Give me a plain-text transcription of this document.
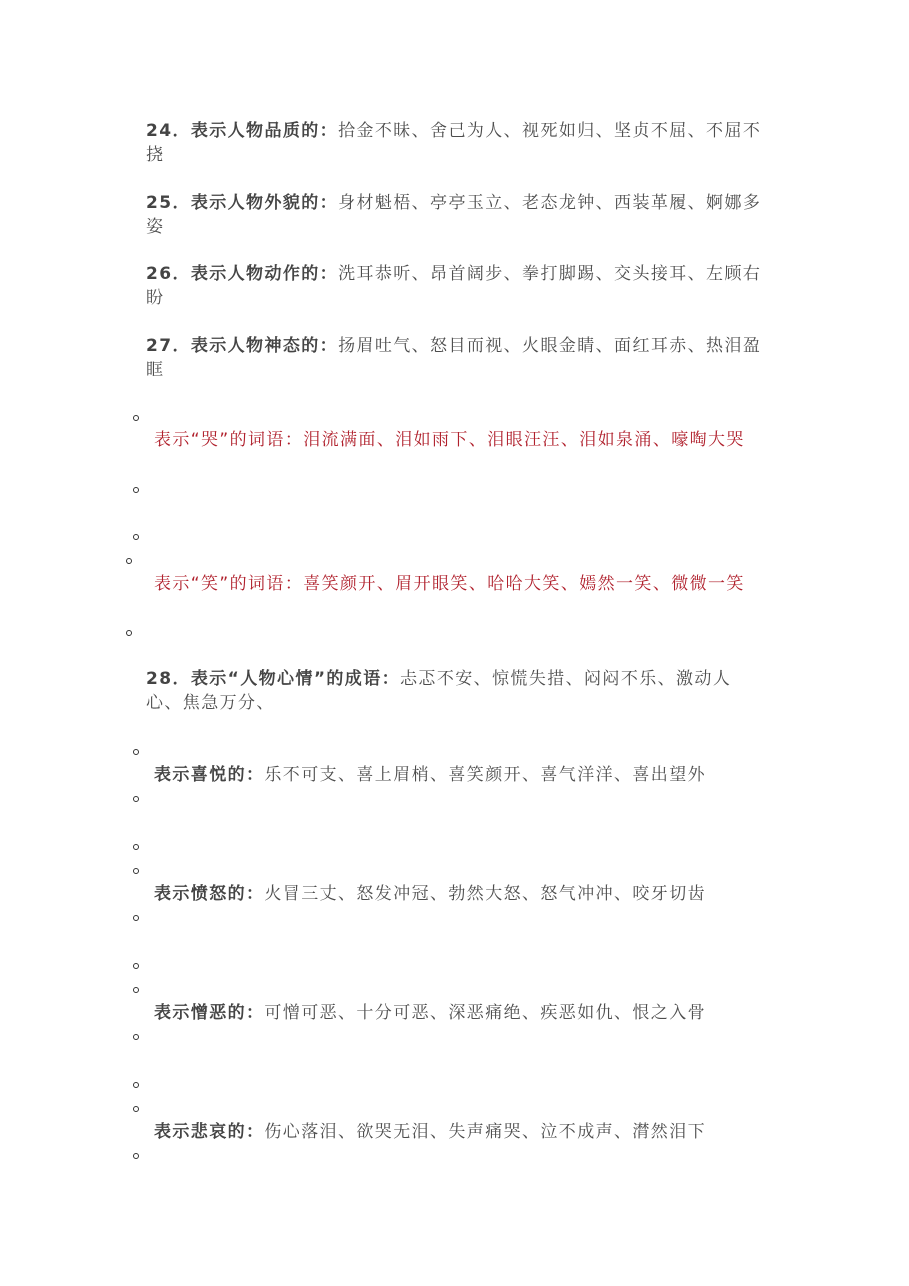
24．表示人物品质的：拾金不昧、舍己为人、视死如归、坚贞不屈、不屈不挠
25．表示人物外貌的：身材魁梧、亭亭玉立、老态龙钟、西装革履、婀娜多姿
26．表示人物动作的：洗耳恭听、昂首阔步、拳打脚踢、交头接耳、左顾右盼
27．表示人物神态的：扬眉吐气、怒目而视、火眼金睛、面红耳赤、热泪盈眶
表示“哭”的词语：泪流满面、泪如雨下、泪眼汪汪、泪如泉涌、嚎啕大哭
表示“笑”的词语：喜笑颜开、眉开眼笑、哈哈大笑、嫣然一笑、微微一笑
28．表示“人物心情”的成语：忐忑不安、惊慌失措、闷闷不乐、激动人心、焦急万分、
表示喜悦的：乐不可支、喜上眉梢、喜笑颜开、喜气洋洋、喜出望外
表示愤怒的：火冒三丈、怒发冲冠、勃然大怒、怒气冲冲、咬牙切齿
表示憎恶的：可憎可恶、十分可恶、深恶痛绝、疾恶如仇、恨之入骨
表示悲哀的：伤心落泪、欲哭无泪、失声痛哭、泣不成声、潸然泪下
